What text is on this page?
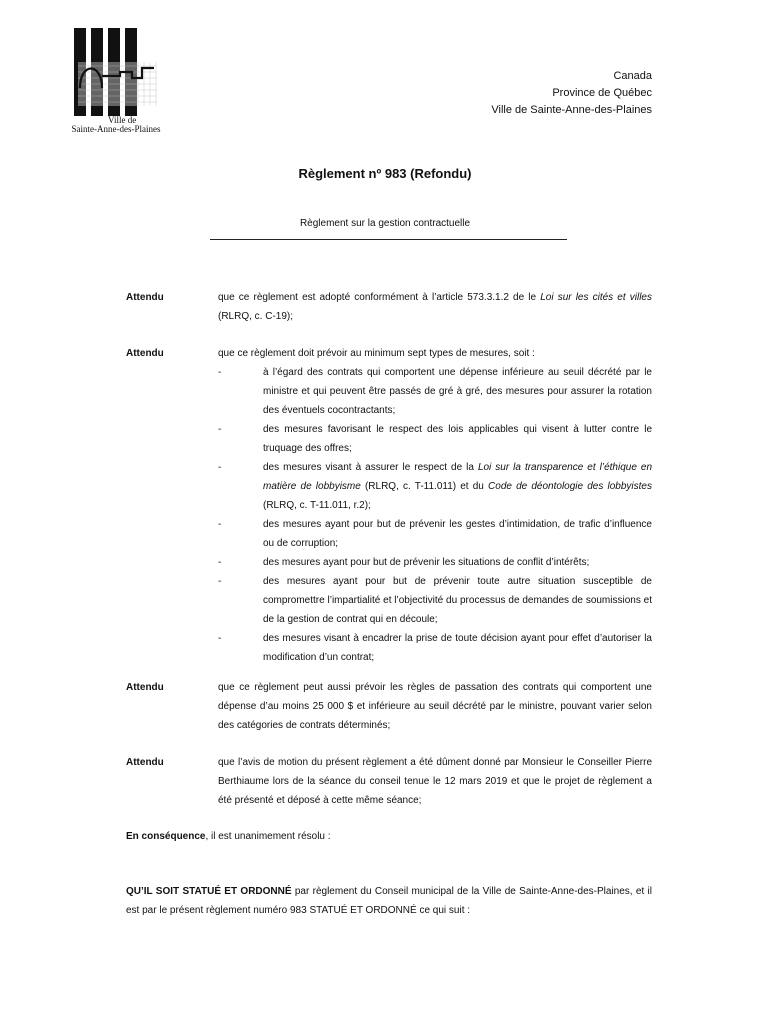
Ville de
Sainte-Anne-des-Plaines
Canada
Province de Québec
Ville de Sainte-Anne-des-Plaines
Règlement nº 983 (Refondu)
Règlement sur la gestion contractuelle
Attendu	que ce règlement est adopté conformément à l’article 573.3.1.2 de le Loi sur les cités et villes (RLRQ, c. C-19);

Attendu	que ce règlement doit prévoir au minimum sept types de mesures, soit :

-	à l’égard des contrats qui comportent une dépense inférieure au seuil décrété par le ministre et qui peuvent être passés de gré à gré, des mesures pour assurer la rotation des éventuels cocontractants;
-	des mesures favorisant le respect des lois applicables qui visent à lutter contre le truquage des offres;
-	des mesures visant à assurer le respect de la Loi sur la transparence et l’éthique en matière de lobbyisme (RLRQ, c. T-11.011) et du Code de déontologie des lobbyistes (RLRQ, c. T-11.011, r.2);
-	des mesures ayant pour but de prévenir les gestes d’intimidation, de trafic d’influence ou de corruption;
-	des mesures ayant pour but de prévenir les situations de conflit d’intérêts;
-	des mesures ayant pour but de prévenir toute autre situation susceptible de compromettre l’impartialité et l’objectivité du processus de demandes de soumissions et de la gestion de contrat qui en découle;
-	des mesures visant à encadrer la prise de toute décision ayant pour effet d’autoriser la modification d’un contrat;
Attendu	que ce règlement peut aussi prévoir les règles de passation des contrats qui comportent une dépense d’au moins 25 000 $ et inférieure au seuil décrété par le ministre, pouvant varier selon des catégories de contrats déterminés;

Attendu	que l’avis de motion du présent règlement a été dûment donné par Monsieur le Conseiller Pierre Berthiaume lors de la séance du conseil tenue le 12 mars 2019 et que le projet de règlement a été présenté et déposé à cette même séance;

En conséquence, il est unanimement résolu :

QU’IL SOIT STATUÉ ET ORDONNÉ par règlement du Conseil municipal de la Ville de Sainte-Anne-des-Plaines, et il est par le présent règlement numéro 983 STATUÉ ET ORDONNÉ ce qui suit :
